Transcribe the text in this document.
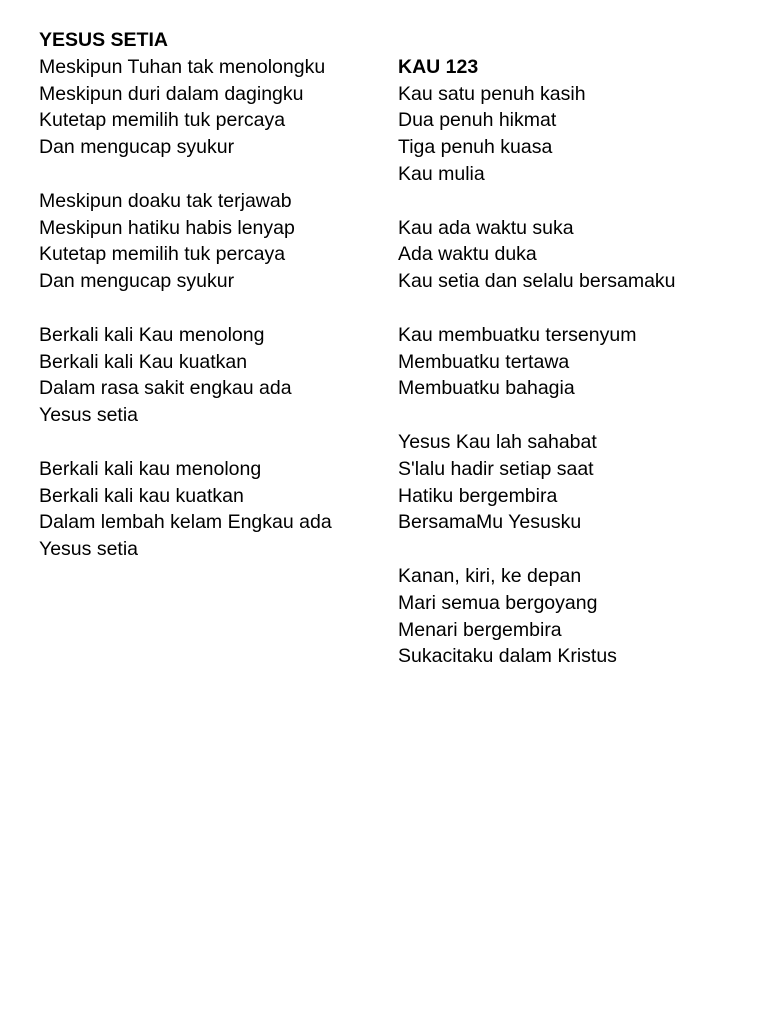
YESUS SETIA
Meskipun Tuhan tak menolongku
Meskipun duri dalam dagingku
Kutetap memilih tuk percaya
Dan mengucap syukur
Meskipun doaku tak terjawab
Meskipun hatiku habis lenyap
Kutetap memilih tuk percaya
Dan mengucap syukur
Berkali kali Kau menolong
Berkali kali Kau kuatkan
Dalam rasa sakit engkau ada
Yesus setia
Berkali kali kau menolong
Berkali kali kau kuatkan
Dalam lembah kelam Engkau ada
Yesus setia
KAU 123
Kau satu penuh kasih
Dua penuh hikmat
Tiga penuh kuasa
Kau mulia
Kau ada waktu suka
Ada waktu duka
Kau setia dan selalu bersamaku
Kau membuatku tersenyum
Membuatku tertawa
Membuatku bahagia
Yesus Kau lah sahabat
S'lalu hadir setiap saat
Hatiku bergembira
BersamaMu Yesusku
Kanan, kiri, ke depan
Mari semua bergoyang
Menari bergembira
Sukacitaku dalam Kristus
